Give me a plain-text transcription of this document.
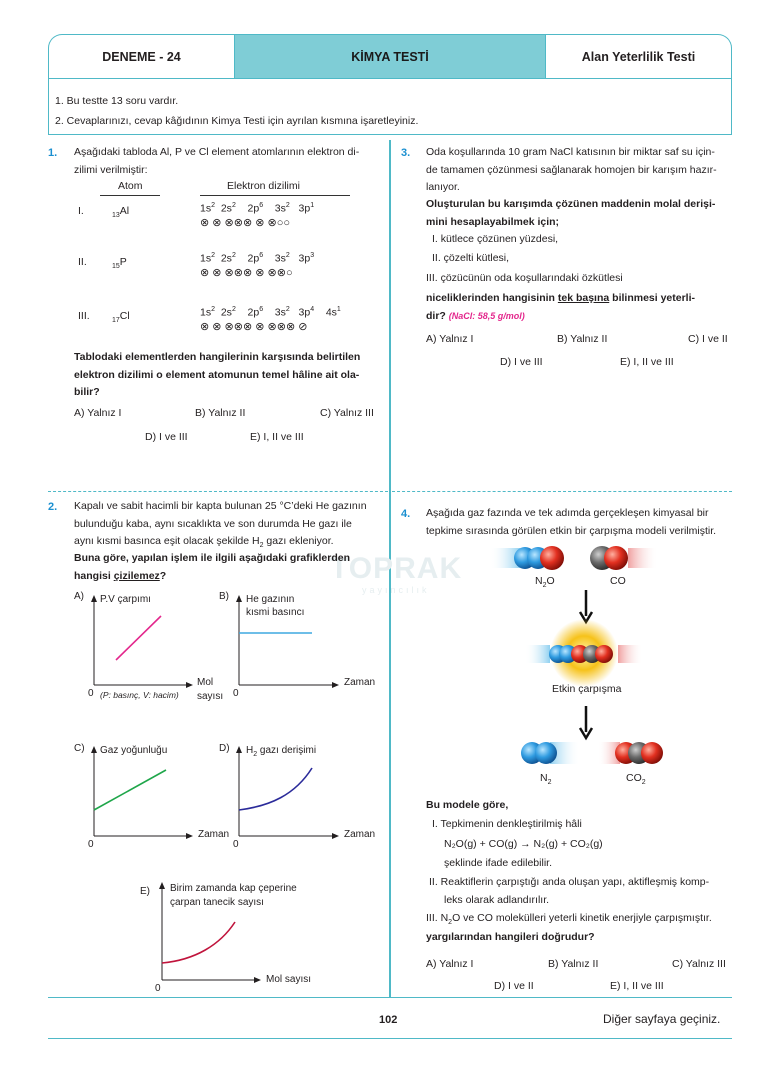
DENEME - 24	KİMYA TESTİ	Alan Yeterlilik Testi
1. Bu testte 13 soru vardır.
2. Cevaplarınızı, cevap kâğıdının Kimya Testi için ayrılan kısmına işaretleyiniz.
TOPRAK
yayıncılık
1. Aşağıdaki tabloda Al, P ve Cl element atomlarının elektron di-
zilimi verilmiştir:
Atom	Elektron dizilimi
I.	$_{13}$Al	$1s^2$ $2s^2$ $2p^6$ $3s^2$ $3p^1$
⊗ ⊗ ⊗⊗⊗ ⊗ ⊗○○
II.	$_{15}$P	$1s^2$ $2s^2$ $2p^6$ $3s^2$ $3p^3$
⊗ ⊗ ⊗⊗⊗ ⊗ ⊗⊗○
III.	$_{17}$Cl	$1s^2$ $2s^2$ $2p^6$ $3s^2$ $3p^4$ $4s^1$
⊗ ⊗ ⊗⊗⊗ ⊗ ⊗⊗⊗ ⊘
Tablodaki elementlerden hangilerinin karşısında belirtilen
elektron dizilimi o element atomunun temel hâline ait ola-
bilir?
A) Yalnız I	B) Yalnız II	C) Yalnız III
D) I ve III	E) I, II ve III
2. Kapalı ve sabit hacimli bir kapta bulunan 25 °C’deki He gazının
bulunduğu kaba, aynı sıcaklıkta ve son durumda He gazı ile
aynı kısmi basınca eşit olacak şekilde $H_2$ gazı ekleniyor.
Buna göre, yapılan işlem ile ilgili aşağıdaki grafiklerden
hangisi çizilemez?
A) P.V çarpımı
Mol
sayısı
0 (P: basınç, V: hacim)
B) He gazının
kısmi basıncı
Zaman
0
C) Gaz yoğunluğu
Zaman
0
D) $H_2$ gazı derişimi
Zaman
0
E) Birim zamanda kap çeperine
çarpan tanecik sayısı
Mol sayısı
0
3. Oda koşullarında 10 gram NaCl katısının bir miktar saf su için-
de tamamen çözünmesi sağlanarak homojen bir karışım hazır-
lanıyor.
Oluşturulan bu karışımda çözünen maddenin molal derişi-
mini hesaplayabilmek için;
I. kütlece çözünen yüzdesi,
II. çözelti kütlesi,
III. çözücünün oda koşullarındaki özkütlesi
niceliklerinden hangisinin tek başına bilinmesi yeterli-
dir? (NaCl: 58,5 g/mol)
A) Yalnız I	B) Yalnız II	C) I ve II
D) I ve III	E) I, II ve III
4. Aşağıda gaz fazında ve tek adımda gerçekleşen kimyasal bir
tepkime sırasında görülen etkin bir çarpışma modeli verilmiştir.
$N_2O$	CO
Etkin çarpışma
$N_2$	$CO_2$
Bu modele göre,
I. Tepkimenin denkleştirilmiş hâli
N₂O(g) + CO(g) → N₂(g) + CO₂(g)
şeklinde ifade edilebilir.
II. Reaktiflerin çarpıştığı anda oluşan yapı, aktifleşmiş komp-
leks olarak adlandırılır.
III. $N_2O$ ve CO molekülleri yeterli kinetik enerjiyle çarpışmıştır.
yargılarından hangileri doğrudur?
A) Yalnız I	B) Yalnız II	C) Yalnız III
D) I ve II	E) I, II ve III
102	Diğer sayfaya geçiniz.
